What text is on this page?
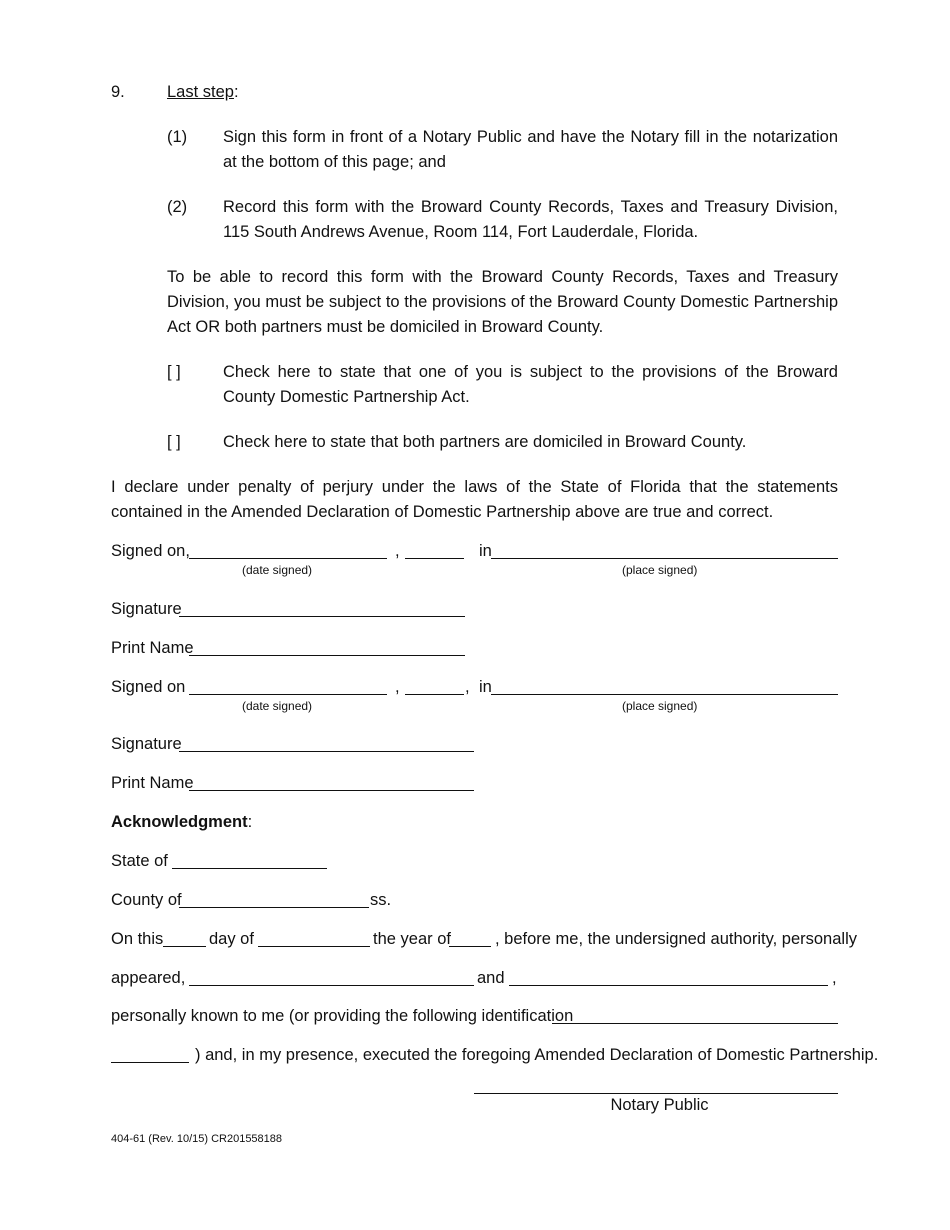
9.	Last step:
(1) Sign this form in front of a Notary Public and have the Notary fill in the notarization at the bottom of this page; and
(2) Record this form with the Broward County Records, Taxes and Treasury Division, 115 South Andrews Avenue, Room 114, Fort Lauderdale, Florida.
To be able to record this form with the Broward County Records, Taxes and Treasury Division, you must be subject to the provisions of the Broward County Domestic Partnership Act OR both partners must be domiciled in Broward County.
[ ]	Check here to state that one of you is subject to the provisions of the Broward County Domestic Partnership Act.
[ ]	Check here to state that both partners are domiciled in Broward County.
I declare under penalty of perjury under the laws of the State of Florida that the statements contained in the Amended Declaration of Domestic Partnership above are true and correct.
Signed on,	,	in
(date signed)	(place signed)
Signature
Print Name
Signed on	,	, in
(date signed)	(place signed)
Signature
Print Name
Acknowledgment:
State of
County of	ss.
On this	day of	the year of	, before me, the undersigned authority, personally
appeared,	and	,
personally known to me (or providing the following identification
) and, in my presence, executed the foregoing Amended Declaration of Domestic Partnership.
Notary Public
404-61 (Rev. 10/15) CR201558188
